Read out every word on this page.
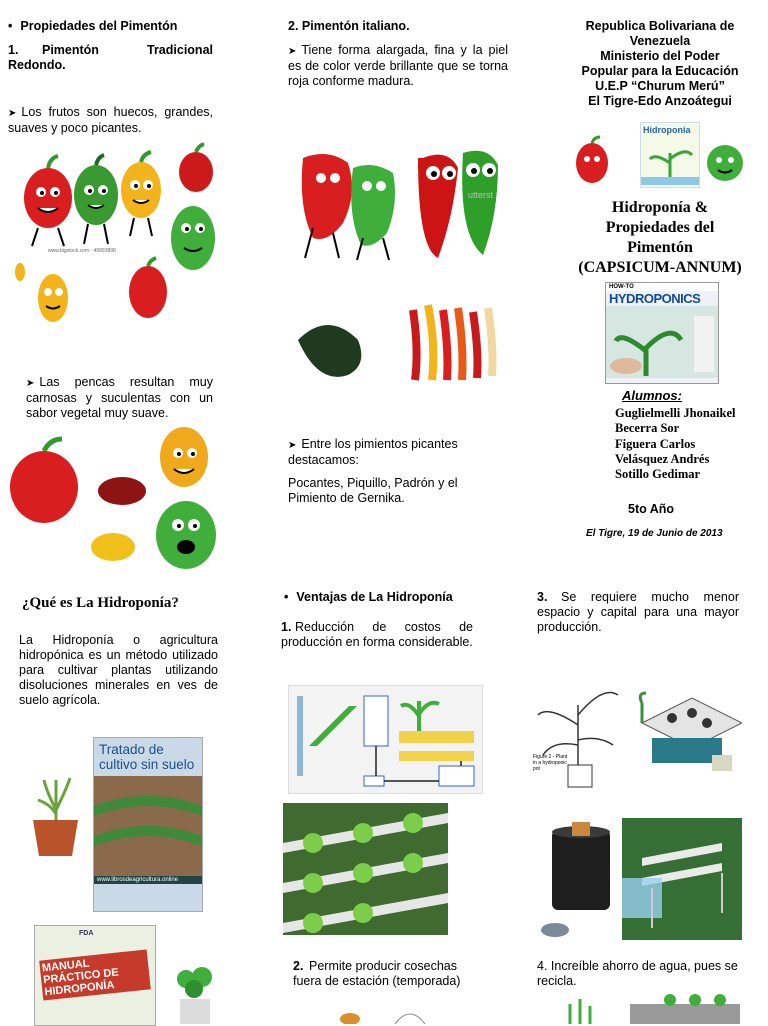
• Propiedades del Pimentón
1.	Pimentón Tradicional Redondo.
➤ Los frutos son huecos, grandes, suaves y poco picantes.
www.bigstock.com · 45893898
➤ Las pencas resultan muy carnosas y suculentas con un sabor vegetal muy suave.
2. Pimentón italiano.
➤ Tiene forma alargada, fina y la piel es de color verde brillante que se torna roja conforme madura.
utterst
➤ Entre los pimientos picantes destacamos:
Pocantes, Piquillo, Padrón y el Pimiento de Gernika.
Republica Bolivariana de Venezuela
Ministerio del Poder
Popular para la Educación
U.E.P “Churum Merú”
El Tigre-Edo Anzoátegui
Hidroponia
Hidroponía &
Propiedades del
Pimentón
(CAPSICUM-ANNUM)
HOW-TO
HYDROPONICS
Alumnos:
Guglielmelli Jhonaikel
Becerra Sor
Figuera Carlos
Velásquez Andrés
Sotillo Gedimar
5to Año
El Tigre, 19 de Junio de 2013
¿Qué es La Hidroponía?
La Hidroponía o agricultura hidropónica es un método utilizado para cultivar plantas utilizando disoluciones minerales en ves de suelo agrícola.
Tratado de cultivo sin suelo
www.librosdeagricultura.online
FDA
MANUAL PRÁCTICO DE HIDROPONÍA
• Ventajas de La Hidroponía
1. Reducción de costos de producción en forma considerable.
2. Permite producir cosechas fuera de estación (temporada)
3.	Se requiere mucho menor espacio y capital para una mayor producción.
Figure 2 - Plant in a hydroponic pot
4. Increíble ahorro de agua, pues se recicla.
